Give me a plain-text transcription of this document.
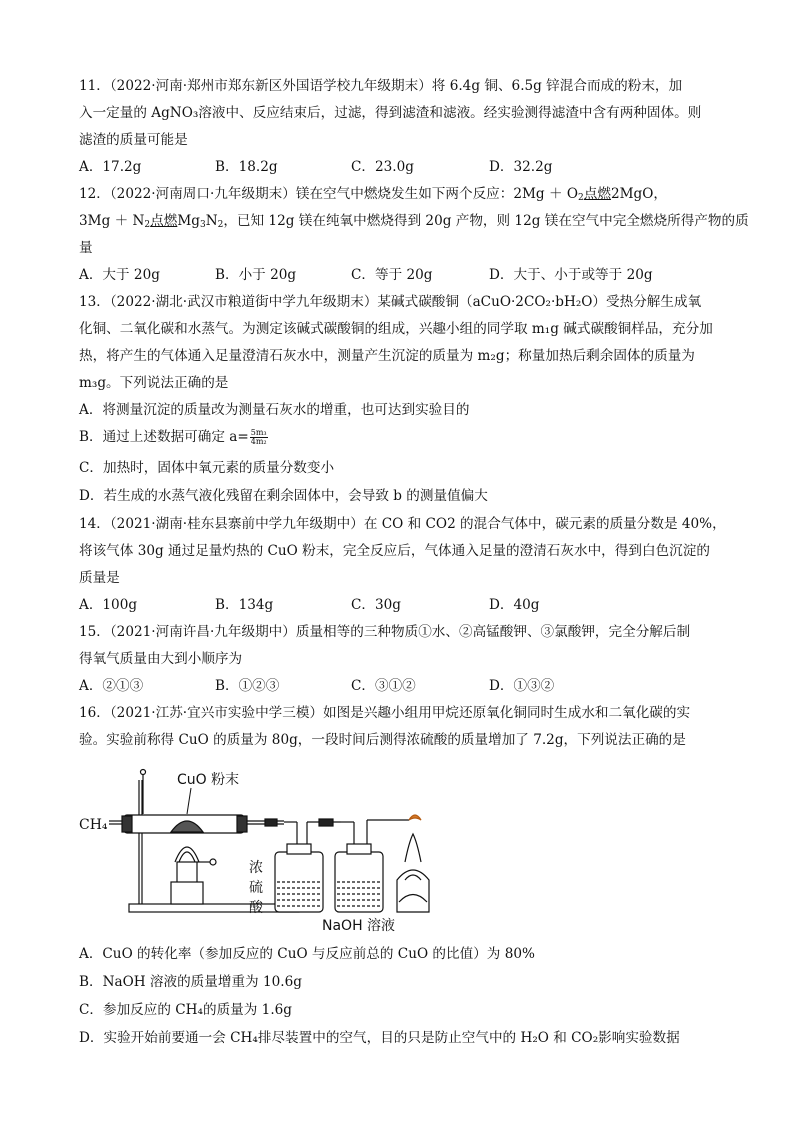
11．（2022·河南·郑州市郑东新区外国语学校九年级期末）将 6.4g 铜、6.5g 锌混合而成的粉末，加
入一定量的 AgNO₃溶液中、反应结束后，过滤，得到滤渣和滤液。经实验测得滤渣中含有两种固体。则
滤渣的质量可能是
A．17.2g	B．18.2g	C．23.0g	D．32.2g
12．（2022·河南周口·九年级期末）镁在空气中燃烧发生如下两个反应：$2Mg + O_2$点燃2MgO，
$3Mg + N_2$点燃$Mg_3N_2$，已知 12g 镁在纯氧中燃烧得到 20g 产物，则 12g 镁在空气中完全燃烧所得产物的质
量
A．大于 20g	B．小于 20g	C．等于 20g	D．大于、小于或等于 20g
13．（2022·湖北·武汉市粮道街中学九年级期末）某碱式碳酸铜（aCuO·2CO₂·bH₂O）受热分解生成氧
化铜、二氧化碳和水蒸气。为测定该碱式碳酸铜的组成，兴趣小组的同学取 m₁g 碱式碳酸铜样品，充分加
热，将产生的气体通入足量澄清石灰水中，测量产生沉淀的质量为 m₂g；称量加热后剩余固体的质量为
m₃g。下列说法正确的是
A．将测量沉淀的质量改为测量石灰水的增重，也可达到实验目的
B．通过上述数据可确定 $a= \frac{\text{5m₃}}{\text{4m₂}}$
C．加热时，固体中氧元素的质量分数变小
D．若生成的水蒸气液化残留在剩余固体中，会导致 b 的测量值偏大
14．（2021·湖南·桂东县寨前中学九年级期中）在 CO 和 CO2 的混合气体中，碳元素的质量分数是 40%，
将该气体 30g 通过足量灼热的 CuO 粉末，完全反应后，气体通入足量的澄清石灰水中，得到白色沉淀的
质量是
A．100g	B．134g	C．30g	D．40g
15．（2021·河南许昌·九年级期中）质量相等的三种物质①水、②高锰酸钾、③氯酸钾，完全分解后制
得氧气质量由大到小顺序为
A．②①③	B．①②③	C．③①②	D．①③②
16．（2021·江苏·宜兴市实验中学三模）如图是兴趣小组用甲烷还原氧化铜同时生成水和二氧化碳的实
验。实验前称得 CuO 的质量为 80g，一段时间后测得浓硫酸的质量增加了 7.2g，下列说法正确的是
CuO 粉末
CH₄
浓
硫
酸
NaOH 溶液
A．CuO 的转化率（参加反应的 CuO 与反应前总的 CuO 的比值）为 80%
B．NaOH 溶液的质量增重为 10.6g
C．参加反应的 CH₄的质量为 1.6g
D．实验开始前要通一会 CH₄排尽装置中的空气，目的只是防止空气中的 H₂O 和 CO₂影响实验数据
